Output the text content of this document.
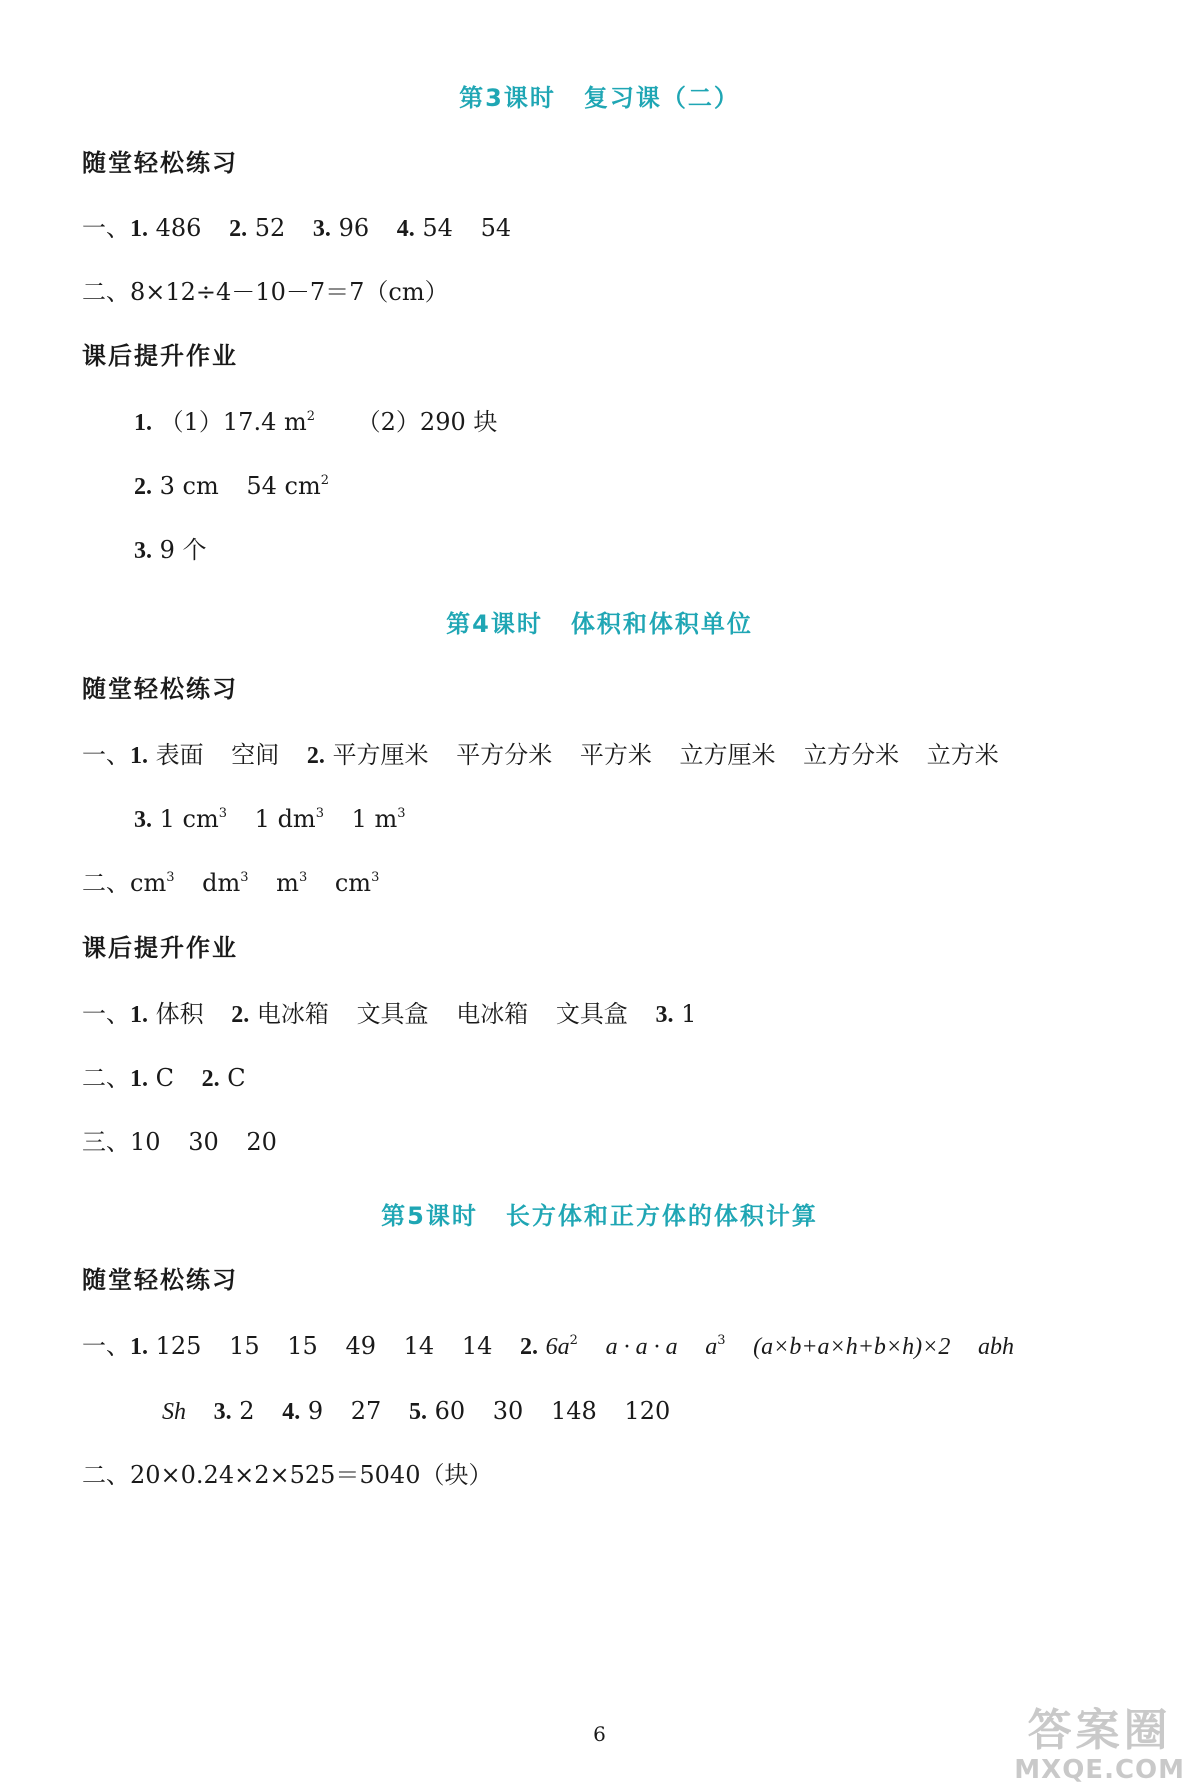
第3课时 复习课（二）
随堂轻松练习
一、1. 486 2. 52 3. 96 4. 54 54
二、8×12÷4－10－7＝7（cm）
课后提升作业
1. （1）17.4 $m^2$ （2）290 块
2. 3 cm 54 $cm^2$
3. 9 个
第4课时 体积和体积单位
随堂轻松练习
一、1. 表面 空间 2. 平方厘米 平方分米 平方米 立方厘米 立方分米 立方米
3. 1 $cm^3$ 1 $dm^3$ 1 $m^3$
二、$cm^3$ $dm^3$ $m^3$ $cm^3$
课后提升作业
一、1. 体积 2. 电冰箱 文具盒 电冰箱 文具盒 3. 1
二、1. C 2. C
三、10 30 20
第5课时 长方体和正方体的体积计算
随堂轻松练习
一、1. 125 15 15 49 14 14 2. $6a^2$ a · a · a $a^3$ (a×b+a×h+b×h)×2 abh
Sh 3. 2 4. 9 27 5. 60 30 148 120
二、20×0.24×2×525＝5040（块）
6	答案圈
MXQE.COM
